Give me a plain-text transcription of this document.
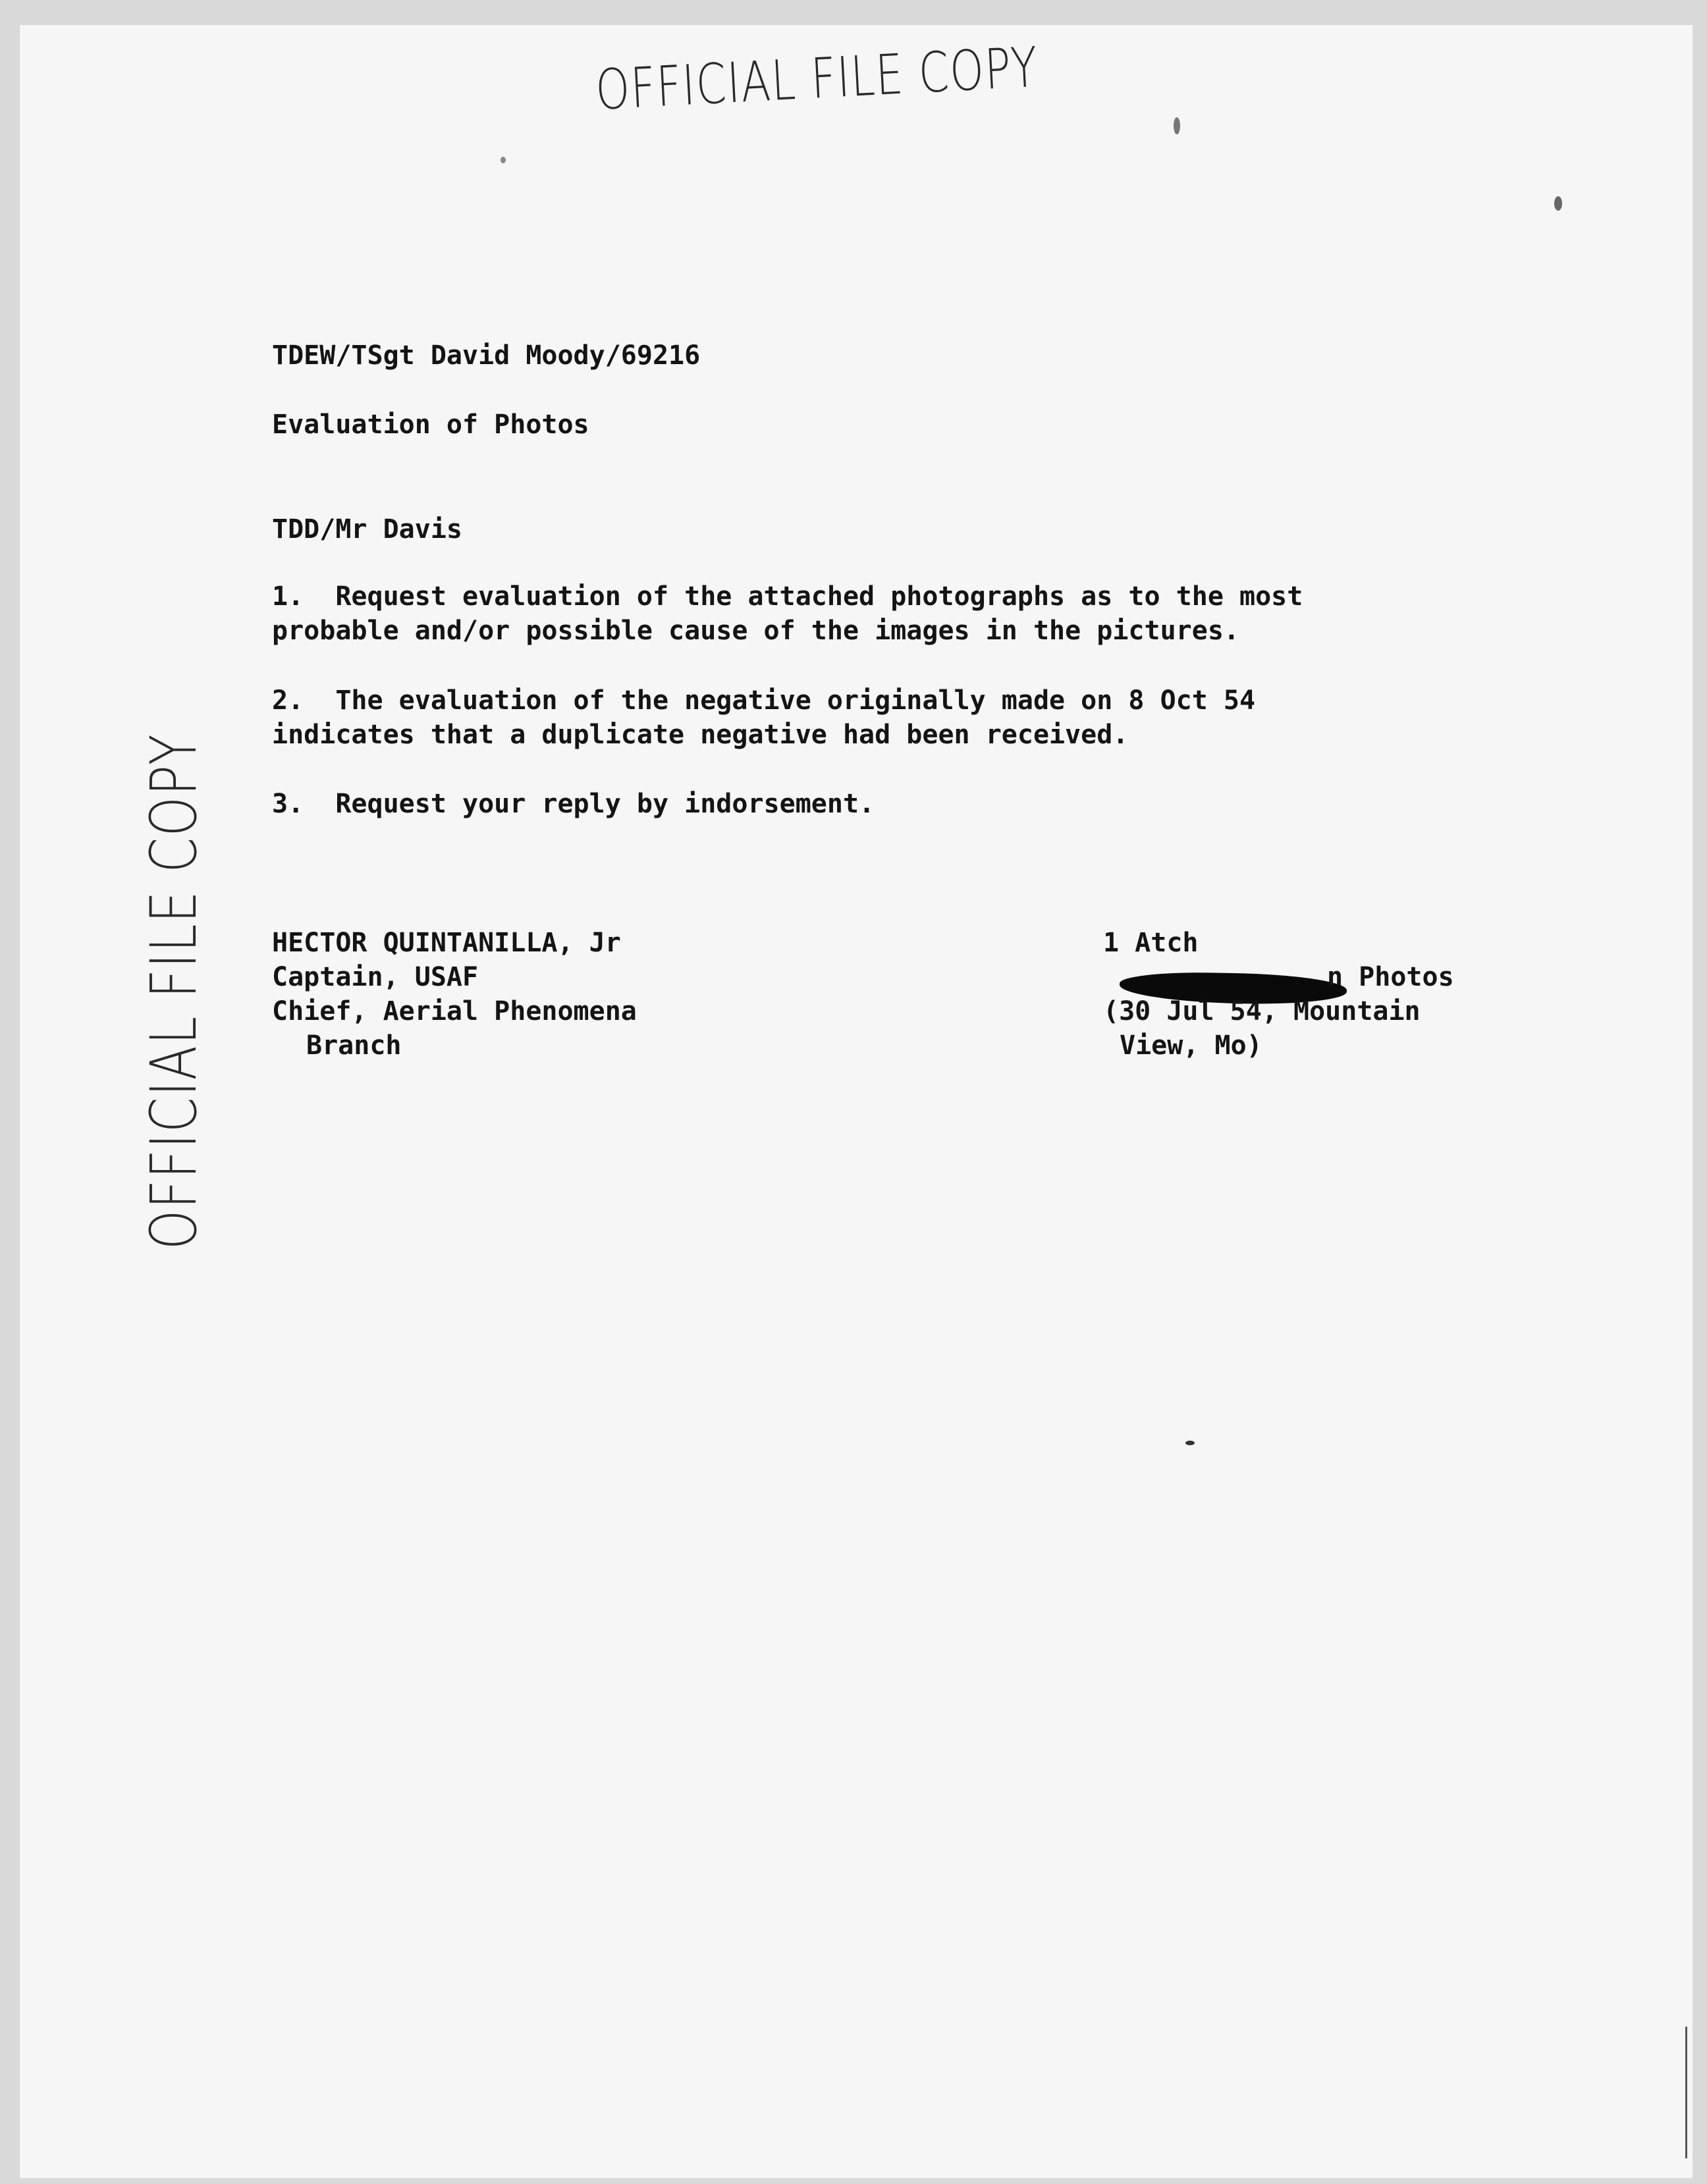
OFFICIAL FILE COPY
OFFICIAL FILE COPY

TDEW/TSgt David Moody/69216

Evaluation of Photos

TDD/Mr Davis

1.  Request evaluation of the attached photographs as to the most

probable and/or possible cause of the images in the pictures.

2.  The evaluation of the negative originally made on 8 Oct 54

indicates that a duplicate negative had been received.

3.  Request your reply by indorsement.

HECTOR QUINTANILLA, Jr

Captain, USAF

Chief, Aerial Phenomena

Branch

1 Atch

n Photos

(30 Jul 54, Mountain

View, Mo)
